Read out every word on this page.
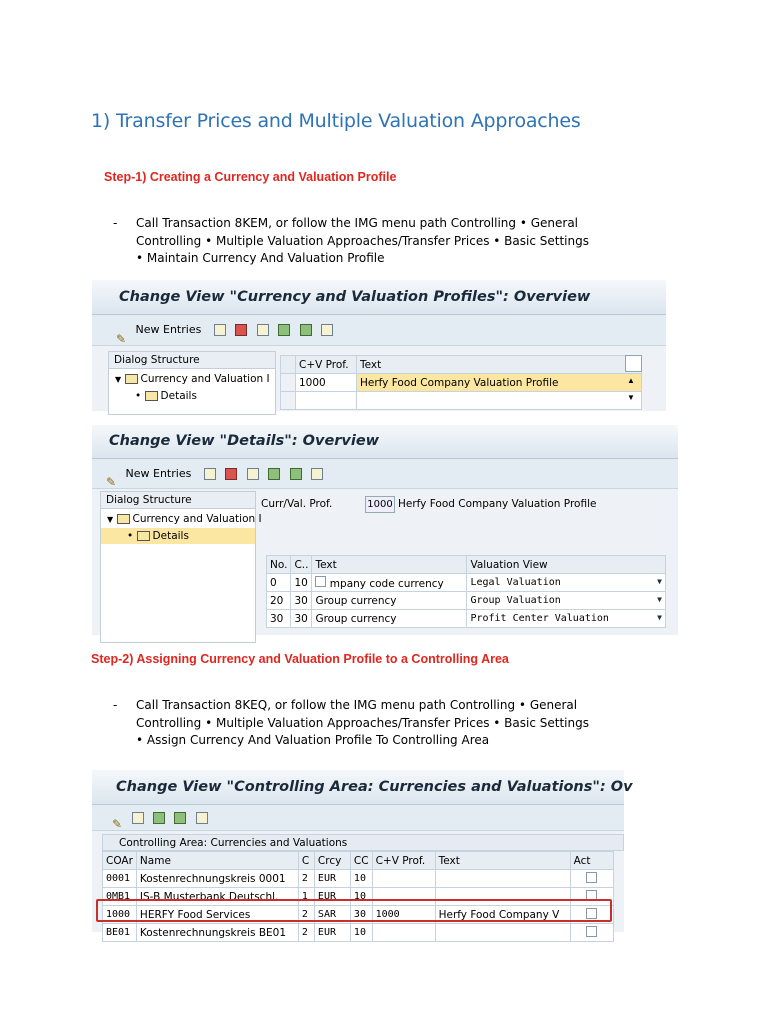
1) Transfer Prices and Multiple Valuation Approaches
Step-1) Creating a Currency and Valuation Profile
- Call Transaction 8KEM, or follow the IMG menu path Controlling • General
Controlling • Multiple Valuation Approaches/Transfer Prices • Basic Settings
• Maintain Currency And Valuation Profile
Change View "Currency and Valuation Profiles": Overview
✎ New Entries
Dialog Structure
▼ Currency and Valuation I
• Details
	C+V Prof.	Text
	1000	Herfy Food Company Valuation Profile
			▲
▼
Change View "Details": Overview
✎ New Entries
Dialog Structure
▼ Currency and Valuation I
• Details
Curr/Val. Prof.	1000 Herfy Food Company Valuation Profile
No.	C..	Text	Valuation View
0	10	mpany code currency	Legal Valuation ▼

20	30	Group currency	Group Valuation ▼

30	30	Group currency	Profit Center Valuation ▼
Step-2) Assigning Currency and Valuation Profile to a Controlling Area
- Call Transaction 8KEQ, or follow the IMG menu path Controlling • General
Controlling • Multiple Valuation Approaches/Transfer Prices • Basic Settings
• Assign Currency And Valuation Profile To Controlling Area
Change View "Controlling Area: Currencies and Valuations": Ov
✎
Controlling Area: Currencies and Valuations
COAr	Name	C	Crcy	CC	C+V Prof.	Text	Act
0001	Kostenrechnungskreis 0001	2	EUR	10			
0MB1	IS-B Musterbank Deutschl.	1	EUR	10			
1000	HERFY Food Services	2	SAR	30	1000	Herfy Food Company V	
BE01	Kostenrechnungskreis BE01	2	EUR	10			
